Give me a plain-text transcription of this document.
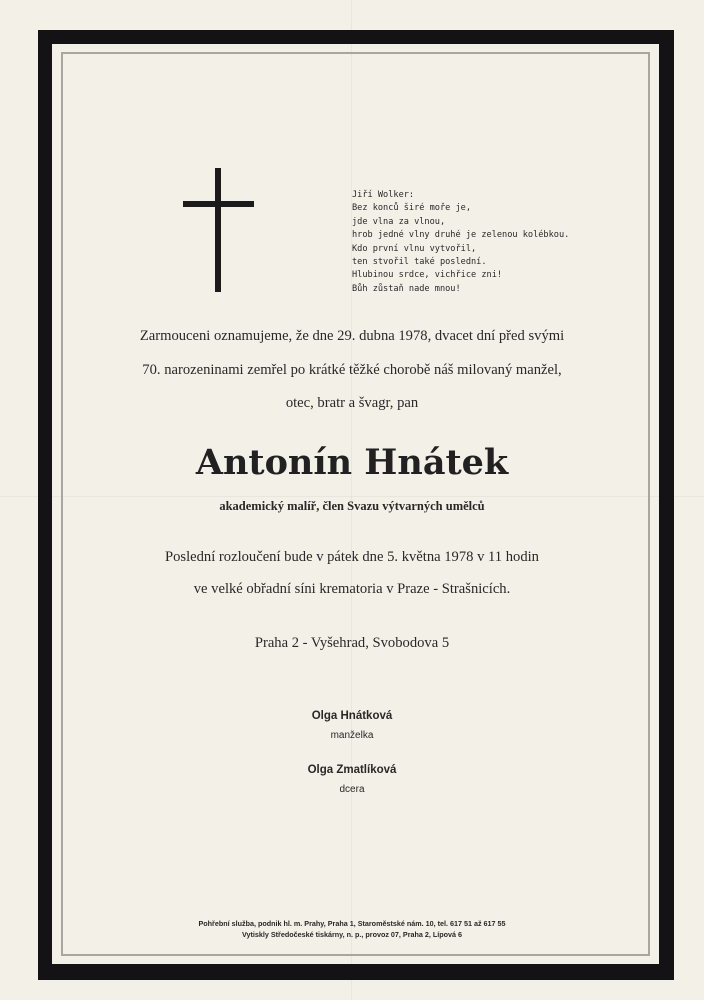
Jiří Wolker:
Bez konců širé moře je,
jde vlna za vlnou,
hrob jedné vlny druhé je zelenou kolébkou.
Kdo první vlnu vytvořil,
ten stvořil také poslední.
Hlubinou srdce, vichřice zni!
Bůh zůstaň nade mnou!
Zarmouceni oznamujeme, že dne 29. dubna 1978, dvacet dní před svými
70. narozeninami zemřel po krátké těžké chorobě náš milovaný manžel,
otec, bratr a švagr, pan
Antonín Hnátek
akademický malíř, člen Svazu výtvarných umělců
Poslední rozloučení bude v pátek dne 5. května 1978 v 11 hodin
ve velké obřadní síni krematoria v Praze - Strašnicích.
Praha 2 - Vyšehrad, Svobodova 5
Olga Hnátková
manželka
Olga Zmatlíková
dcera
Pohřební služba, podnik hl. m. Prahy, Praha 1, Staroměstské nám. 10, tel. 617 51 až 617 55
Vytiskly Středočeské tiskárny, n. p., provoz 07, Praha 2, Lípová 6
